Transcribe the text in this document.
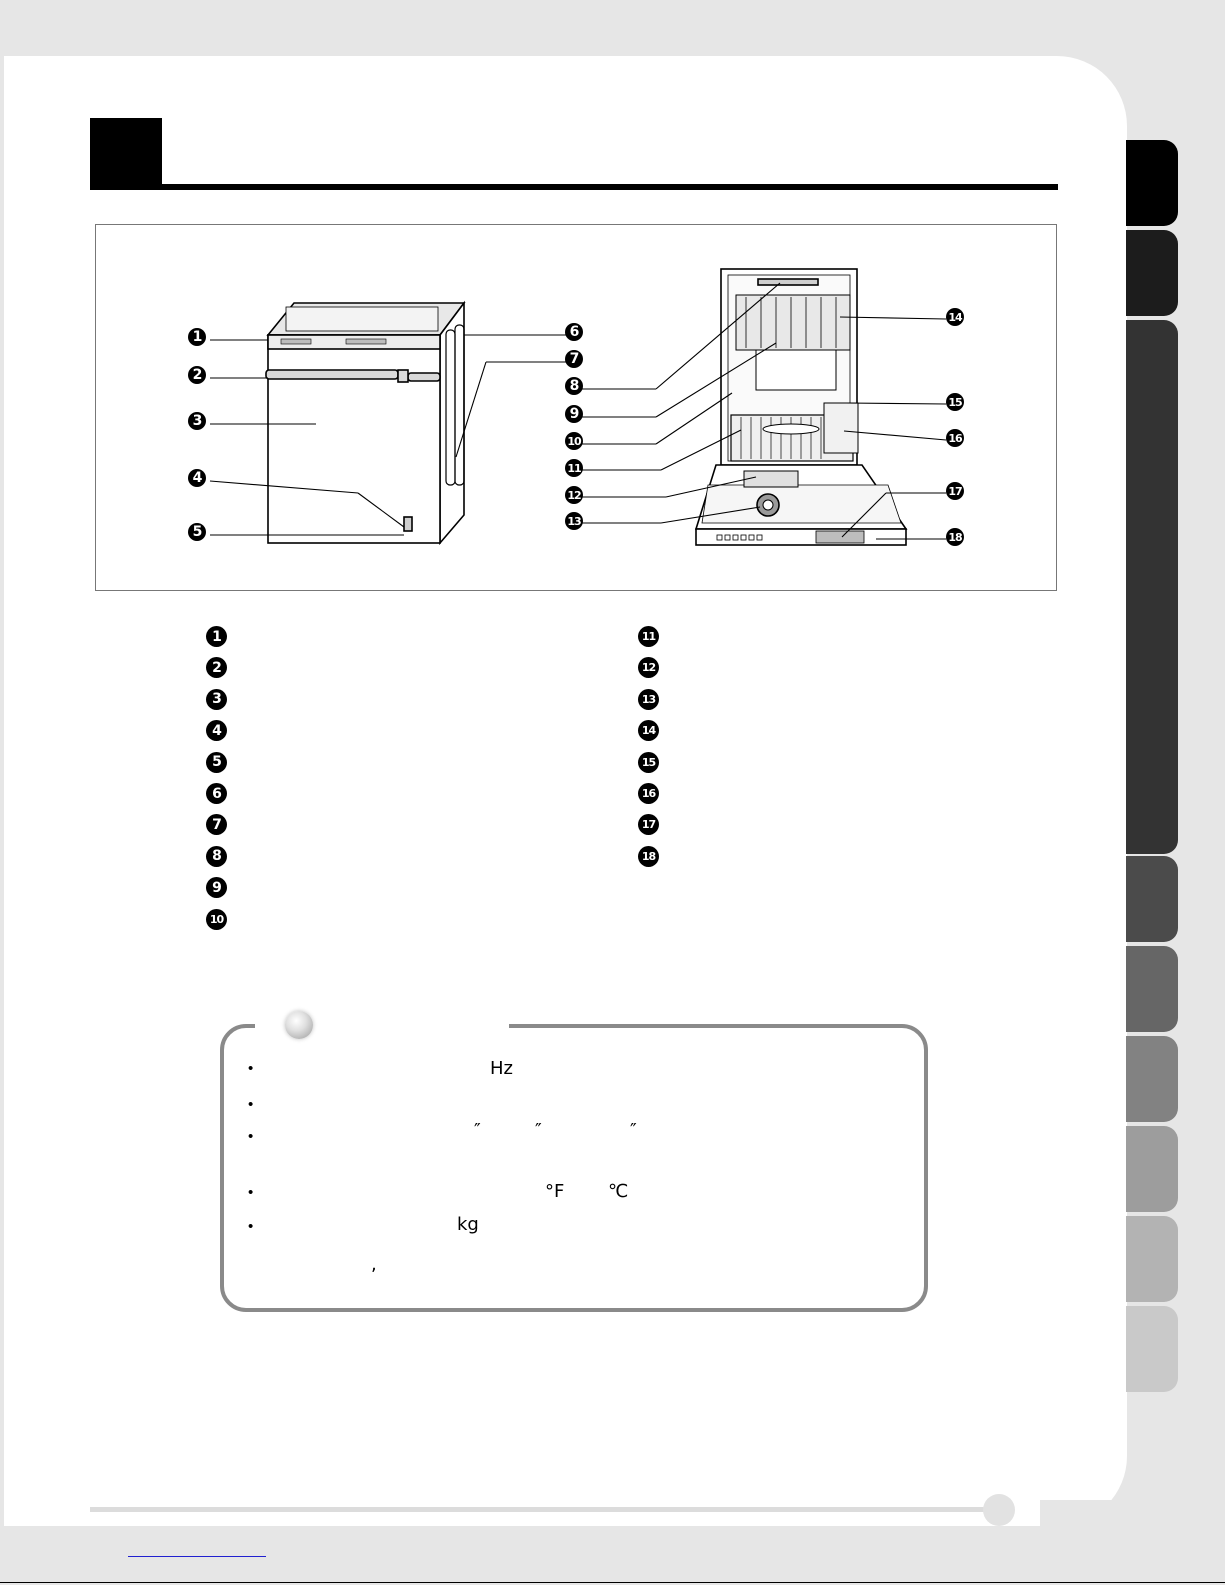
1
2
3
4
5
6
7
8
9
10
11
12
13
14
15
16
17
18
1
2
3
4
5
6
7
8
9
10
11
12
13
14
15
16
17
18
•
•
•
•
•
Hz
″	″	″
°F ℃
kg
,
